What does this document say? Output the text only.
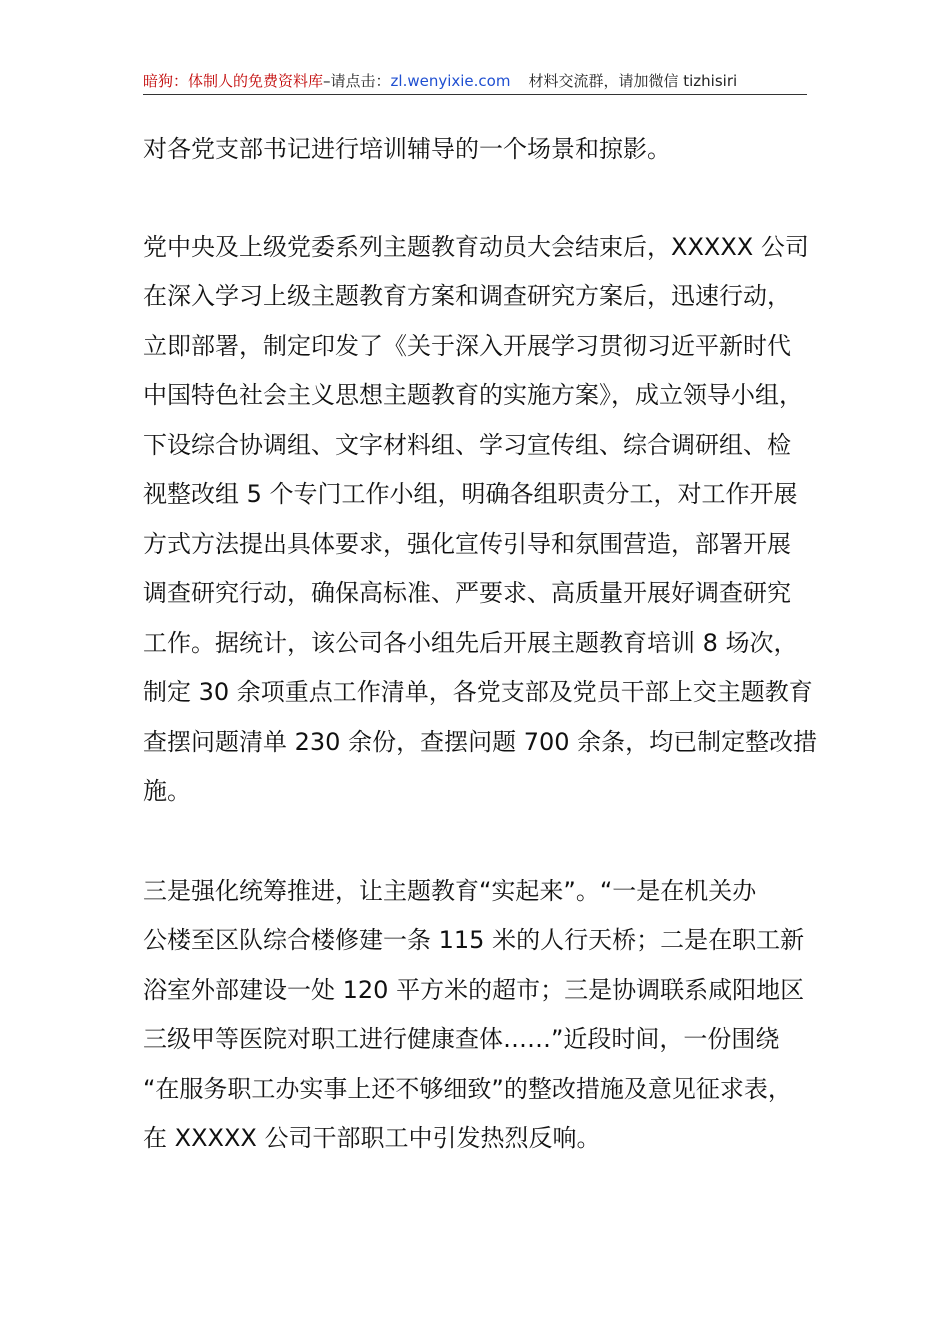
暗狗：体制人的免费资料库–请点击：zl.wenyixie.com 材料交流群，请加微信 tizhisiri
对各党支部书记进行培训辅导的一个场景和掠影。
党中央及上级党委系列主题教育动员大会结束后，XXXXX 公司
在深入学习上级主题教育方案和调查研究方案后，迅速行动，
立即部署，制定印发了《关于深入开展学习贯彻习近平新时代
中国特色社会主义思想主题教育的实施方案》，成立领导小组，
下设综合协调组、文字材料组、学习宣传组、综合调研组、检
视整改组 5 个专门工作小组，明确各组职责分工，对工作开展
方式方法提出具体要求，强化宣传引导和氛围营造，部署开展
调查研究行动，确保高标准、严要求、高质量开展好调查研究
工作。据统计，该公司各小组先后开展主题教育培训 8 场次，
制定 30 余项重点工作清单，各党支部及党员干部上交主题教育
查摆问题清单 230 余份，查摆问题 700 余条，均已制定整改措
施。
三是强化统筹推进，让主题教育“实起来”。“一是在机关办
公楼至区队综合楼修建一条 115 米的人行天桥；二是在职工新
浴室外部建设一处 120 平方米的超市；三是协调联系咸阳地区
三级甲等医院对职工进行健康查体……”近段时间，一份围绕
“在服务职工办实事上还不够细致”的整改措施及意见征求表，
在 XXXXX 公司干部职工中引发热烈反响。
